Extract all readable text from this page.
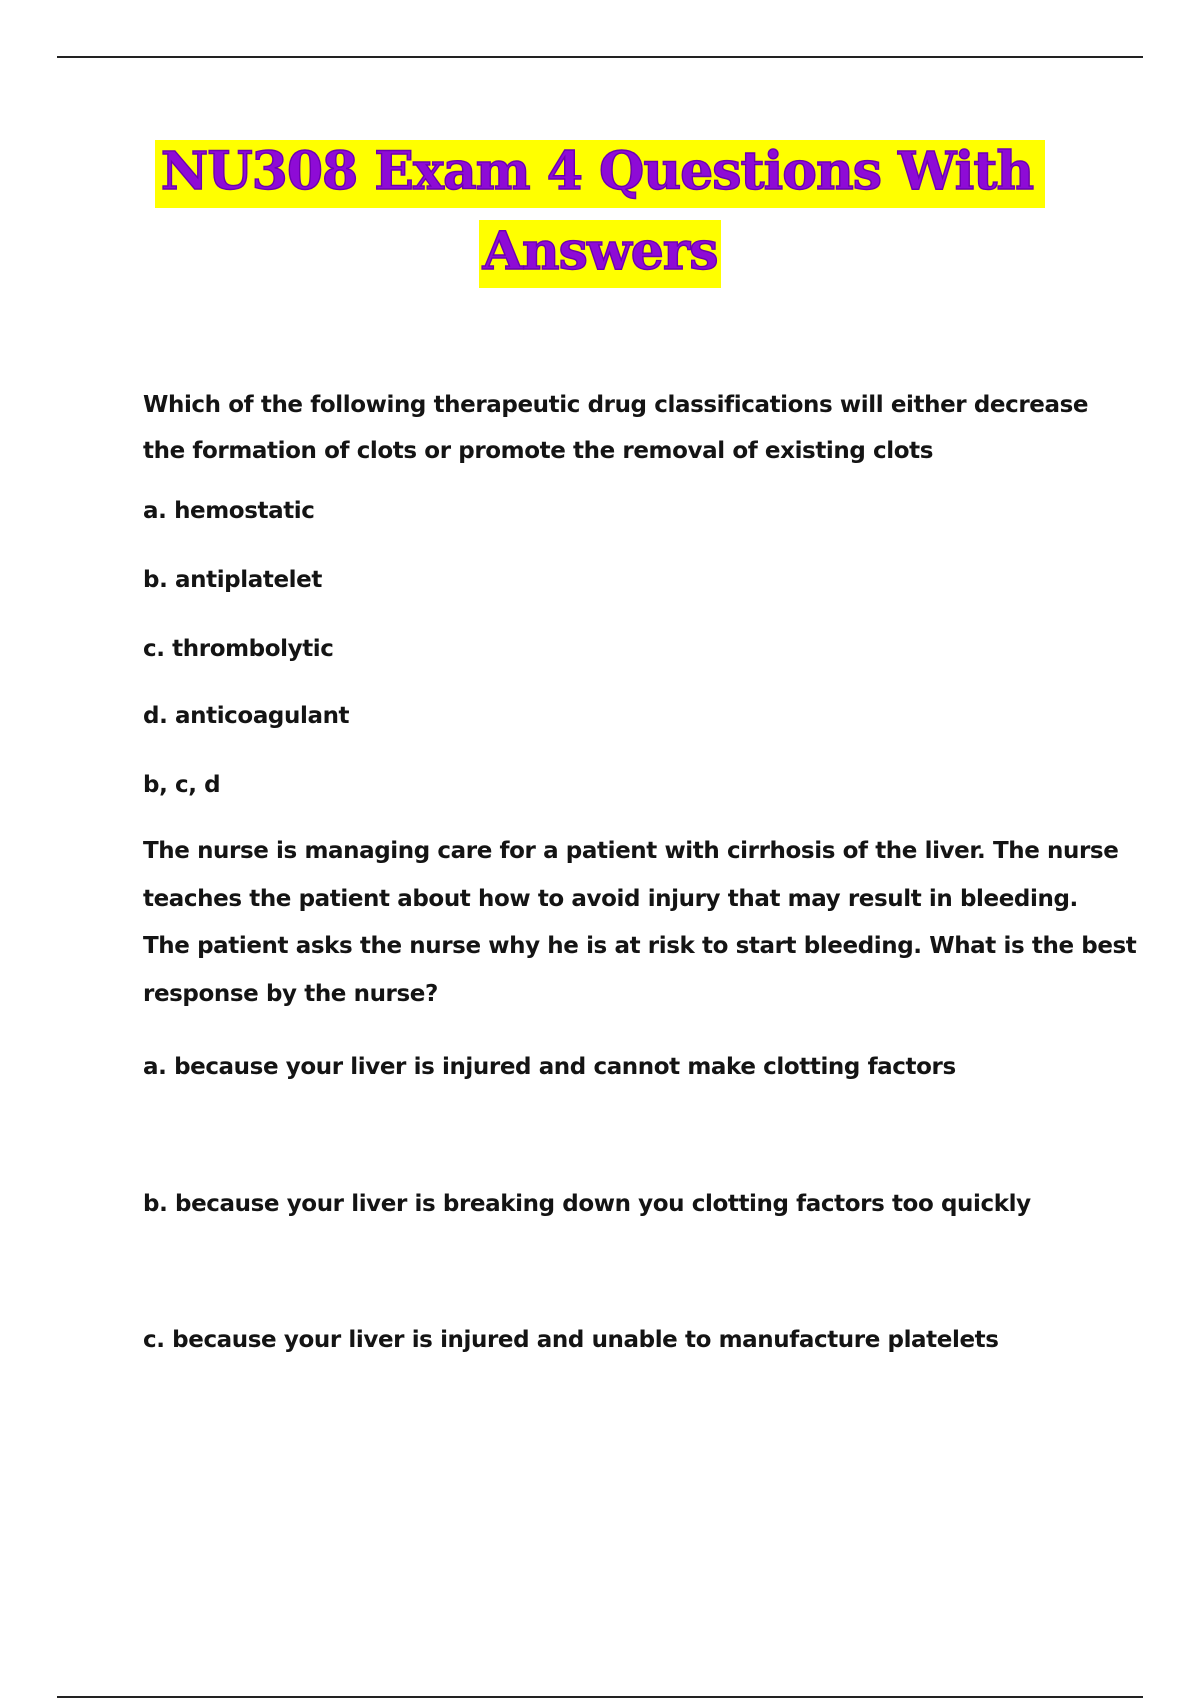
NU308 Exam 4 Questions With
Answers
Which of the following therapeutic drug classifications will either decrease
the formation of clots or promote the removal of existing clots
a. hemostatic
b. antiplatelet
c. thrombolytic
d. anticoagulant
b, c, d
The nurse is managing care for a patient with cirrhosis of the liver. The nurse
teaches the patient about how to avoid injury that may result in bleeding.
The patient asks the nurse why he is at risk to start bleeding. What is the best
response by the nurse?
a. because your liver is injured and cannot make clotting factors
b. because your liver is breaking down you clotting factors too quickly
c. because your liver is injured and unable to manufacture platelets
